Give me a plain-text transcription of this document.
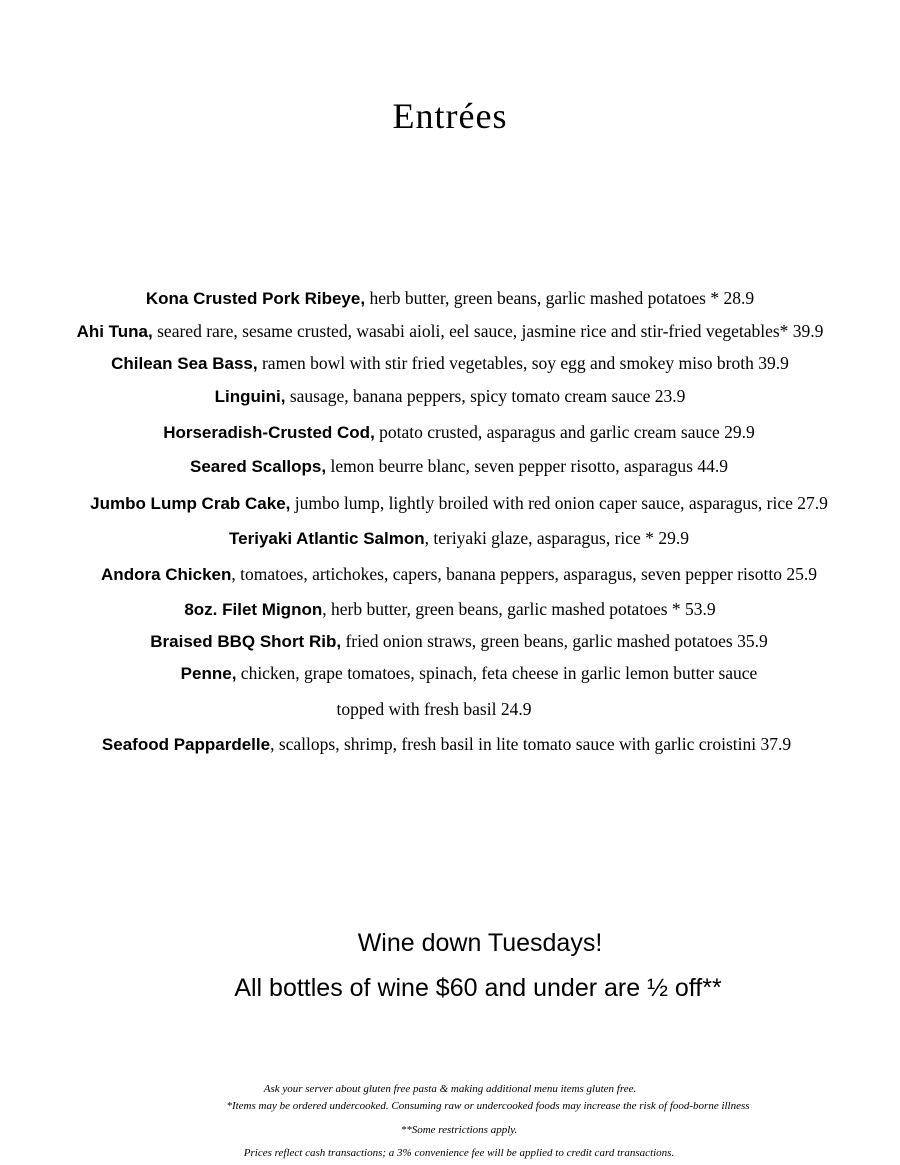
Entrées
Kona Crusted Pork Ribeye, herb butter, green beans, garlic mashed potatoes * 28.9
Ahi Tuna, seared rare, sesame crusted, wasabi aioli, eel sauce, jasmine rice and stir-fried vegetables* 39.9
Chilean Sea Bass, ramen bowl with stir fried vegetables, soy egg and smokey miso broth 39.9
Linguini, sausage, banana peppers, spicy tomato cream sauce 23.9
Horseradish-Crusted Cod, potato crusted, asparagus and garlic cream sauce 29.9
Seared Scallops, lemon beurre blanc, seven pepper risotto, asparagus 44.9
Jumbo Lump Crab Cake, jumbo lump, lightly broiled with red onion caper sauce, asparagus, rice 27.9
Teriyaki Atlantic Salmon, teriyaki glaze, asparagus, rice * 29.9
Andora Chicken, tomatoes, artichokes, capers, banana peppers, asparagus, seven pepper risotto 25.9
8oz. Filet Mignon, herb butter, green beans, garlic mashed potatoes * 53.9
Braised BBQ Short Rib, fried onion straws, green beans, garlic mashed potatoes 35.9
Penne, chicken, grape tomatoes, spinach, feta cheese in garlic lemon butter sauce
topped with fresh basil 24.9
Seafood Pappardelle, scallops, shrimp, fresh basil in lite tomato sauce with garlic croistini 37.9
Wine down Tuesdays!
All bottles of wine $60 and under are ½ off**
Ask your server about gluten free pasta & making additional menu items gluten free.
*Items may be ordered undercooked. Consuming raw or undercooked foods may increase the risk of food-borne illness
**Some restrictions apply.
Prices reflect cash transactions; a 3% convenience fee will be applied to credit card transactions.
